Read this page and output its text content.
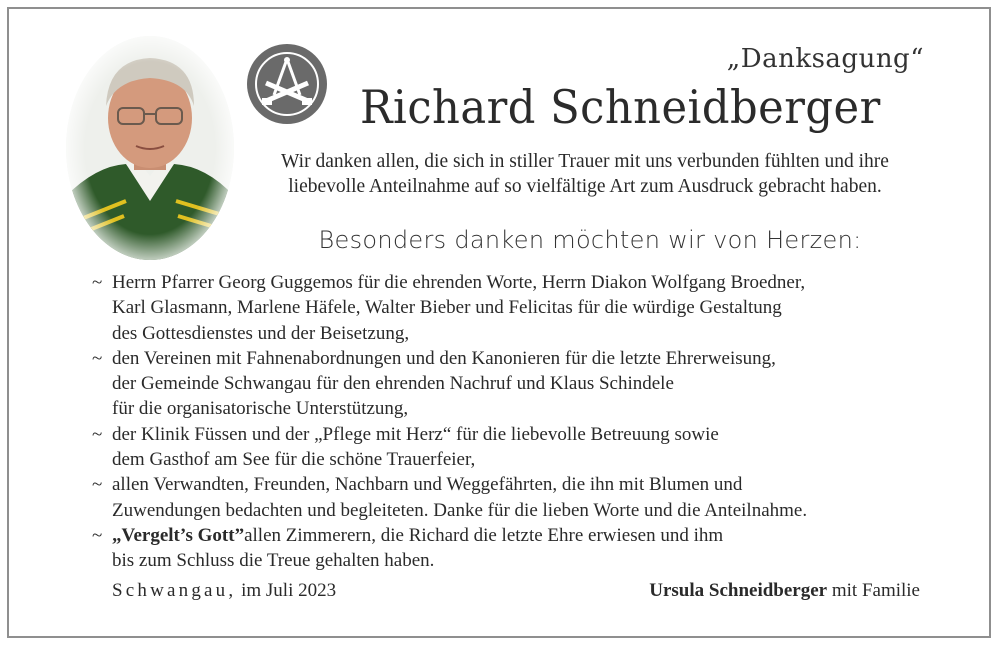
„Danksagung“
Richard Schneidberger
Wir danken allen, die sich in stiller Trauer mit uns verbunden fühlten und ihre
liebevolle Anteilnahme auf so vielfältige Art zum Ausdruck gebracht haben.
Besonders danken möchten wir von Herzen:
~ Herrn Pfarrer Georg Guggemos für die ehrenden Worte, Herrn Diakon Wolfgang Broedner,
Karl Glasmann, Marlene Häfele, Walter Bieber und Felicitas für die würdige Gestaltung
des Gottesdienstes und der Beisetzung,
~ den Vereinen mit Fahnenabordnungen und den Kanonieren für die letzte Ehrerweisung,
der Gemeinde Schwangau für den ehrenden Nachruf und Klaus Schindele
für die organisatorische Unterstützung,
~ der Klinik Füssen und der „Pflege mit Herz“ für die liebevolle Betreuung sowie
dem Gasthof am See für die schöne Trauerfeier,
~ allen Verwandten, Freunden, Nachbarn und Weggefährten, die ihn mit Blumen und
Zuwendungen bedachten und begleiteten. Danke für die lieben Worte und die Anteilnahme.
~ „Vergelt’s Gott”allen Zimmerern, die Richard die letzte Ehre erwiesen und ihm
bis zum Schluss die Treue gehalten haben.
Schwangau, im Juli 2023	Ursula Schneidberger mit Familie
